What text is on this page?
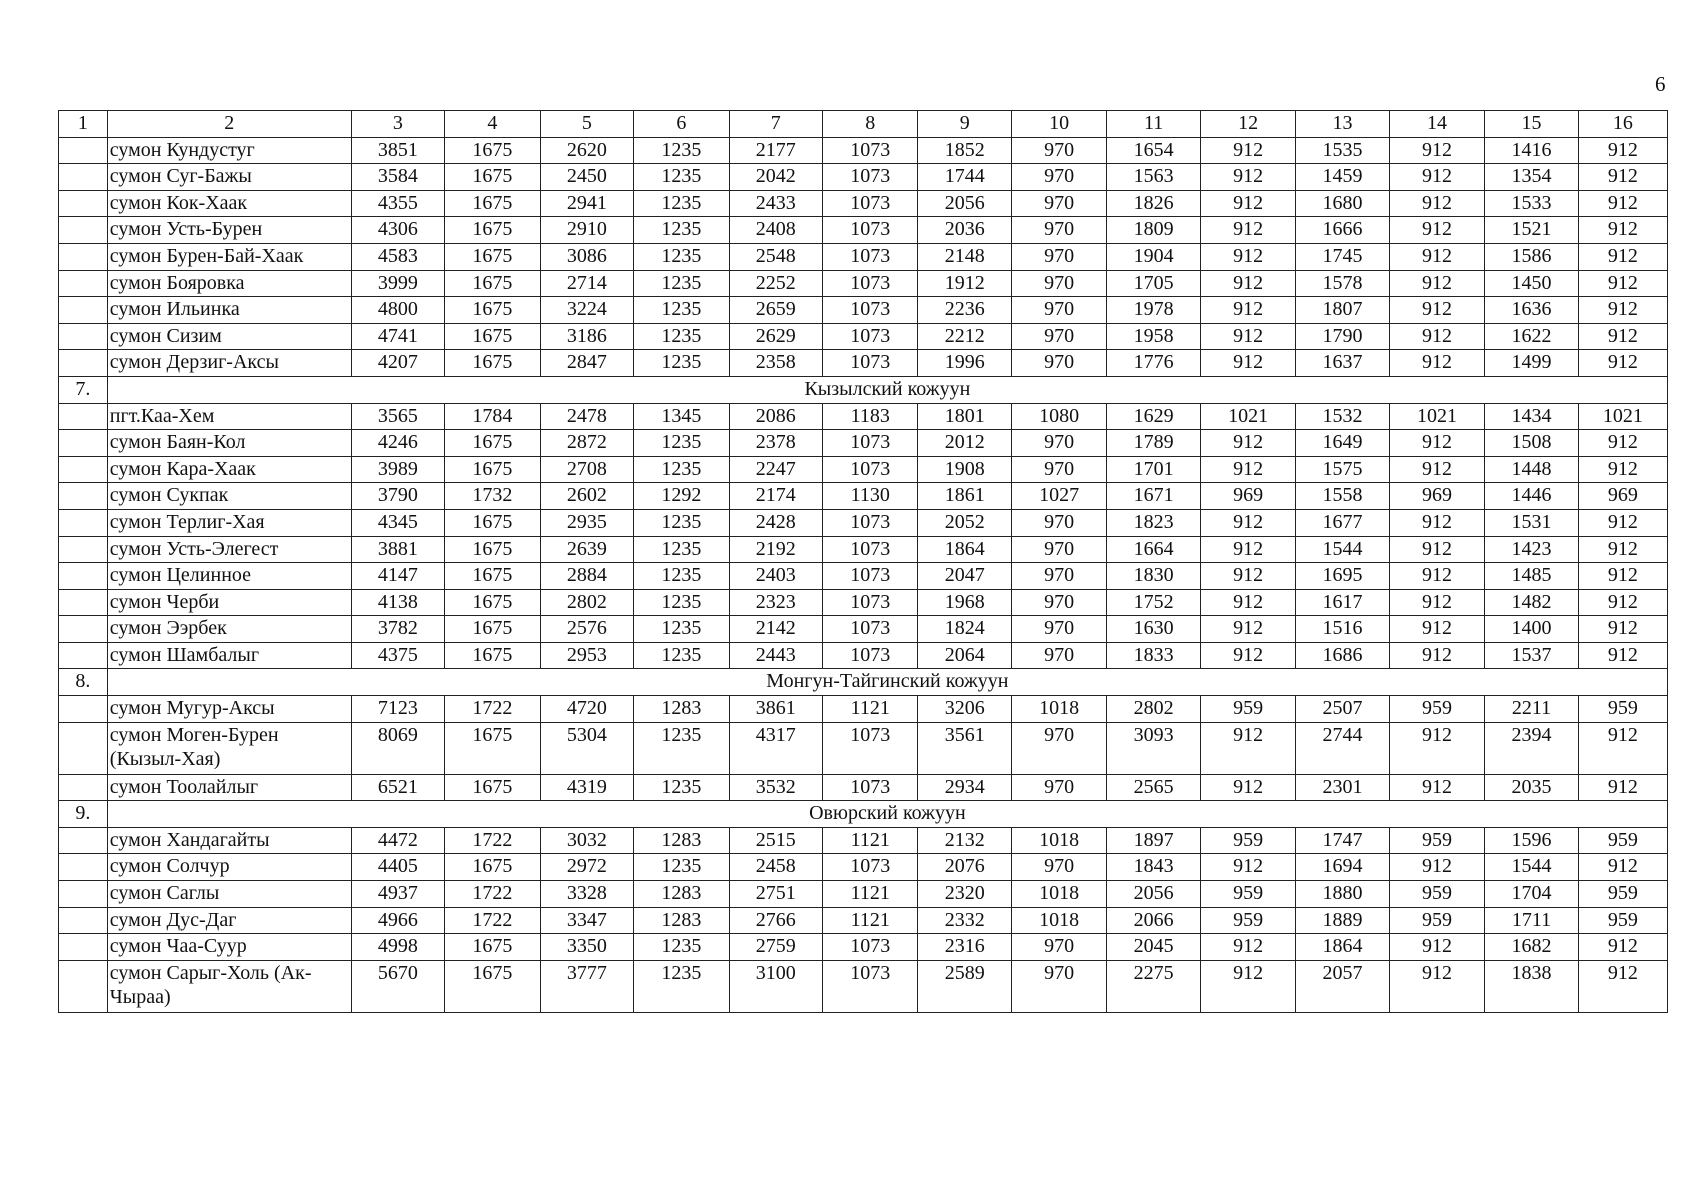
6
1	2	3	4	5	6	7	8	9	10	11	12	13	14	15	16
	сумон Кундустуг	3851	1675	2620	1235	2177	1073	1852	970	1654	912	1535	912	1416	912
	сумон Суг-Бажы	3584	1675	2450	1235	2042	1073	1744	970	1563	912	1459	912	1354	912
	сумон Кок-Хаак	4355	1675	2941	1235	2433	1073	2056	970	1826	912	1680	912	1533	912
	сумон Усть-Бурен	4306	1675	2910	1235	2408	1073	2036	970	1809	912	1666	912	1521	912
	сумон Бурен-Бай-Хаак	4583	1675	3086	1235	2548	1073	2148	970	1904	912	1745	912	1586	912
	сумон Бояровка	3999	1675	2714	1235	2252	1073	1912	970	1705	912	1578	912	1450	912
	сумон Ильинка	4800	1675	3224	1235	2659	1073	2236	970	1978	912	1807	912	1636	912
	сумон Сизим	4741	1675	3186	1235	2629	1073	2212	970	1958	912	1790	912	1622	912
	сумон Дерзиг-Аксы	4207	1675	2847	1235	2358	1073	1996	970	1776	912	1637	912	1499	912
7.	Кызылский кожуун														
	пгт.Каа-Хем	3565	1784	2478	1345	2086	1183	1801	1080	1629	1021	1532	1021	1434	1021
	сумон Баян-Кол	4246	1675	2872	1235	2378	1073	2012	970	1789	912	1649	912	1508	912
	сумон Кара-Хаак	3989	1675	2708	1235	2247	1073	1908	970	1701	912	1575	912	1448	912
	сумон Сукпак	3790	1732	2602	1292	2174	1130	1861	1027	1671	969	1558	969	1446	969
	сумон Терлиг-Хая	4345	1675	2935	1235	2428	1073	2052	970	1823	912	1677	912	1531	912
	сумон Усть-Элегест	3881	1675	2639	1235	2192	1073	1864	970	1664	912	1544	912	1423	912
	сумон Целинное	4147	1675	2884	1235	2403	1073	2047	970	1830	912	1695	912	1485	912
	сумон Черби	4138	1675	2802	1235	2323	1073	1968	970	1752	912	1617	912	1482	912
	сумон Ээрбек	3782	1675	2576	1235	2142	1073	1824	970	1630	912	1516	912	1400	912
	сумон Шамбалыг	4375	1675	2953	1235	2443	1073	2064	970	1833	912	1686	912	1537	912
8.	Монгун-Тайгинский кожуун														
	сумон Мугур-Аксы	7123	1722	4720	1283	3861	1121	3206	1018	2802	959	2507	959	2211	959
	сумон Моген-Бурен (Кызыл-Хая)	8069	1675	5304	1235	4317	1073	3561	970	3093	912	2744	912	2394	912
	сумон Тоолайлыг	6521	1675	4319	1235	3532	1073	2934	970	2565	912	2301	912	2035	912
9.	Овюрский кожуун														
	сумон Хандагайты	4472	1722	3032	1283	2515	1121	2132	1018	1897	959	1747	959	1596	959
	сумон Солчур	4405	1675	2972	1235	2458	1073	2076	970	1843	912	1694	912	1544	912
	сумон Саглы	4937	1722	3328	1283	2751	1121	2320	1018	2056	959	1880	959	1704	959
	сумон Дус-Даг	4966	1722	3347	1283	2766	1121	2332	1018	2066	959	1889	959	1711	959
	сумон Чаа-Суур	4998	1675	3350	1235	2759	1073	2316	970	2045	912	1864	912	1682	912
	сумон Сарыг-Холь (Ак-Чыраа)	5670	1675	3777	1235	3100	1073	2589	970	2275	912	2057	912	1838	912
